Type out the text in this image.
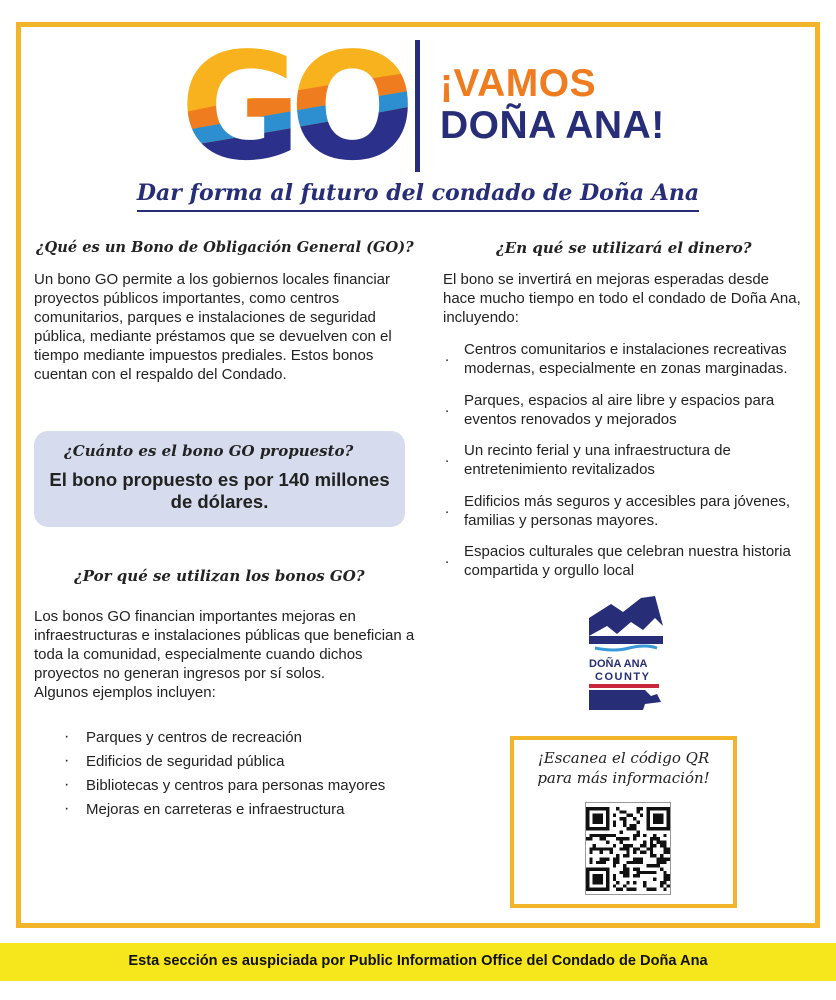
¡VAMOS
DOÑA ANA!
Dar forma al futuro del condado de Doña Ana
¿Qué es un Bono de Obligación General (GO)?
Un bono GO permite a los gobiernos locales financiar proyectos públicos importantes, como centros comunitarios, parques e instalaciones de seguridad pública, mediante préstamos que se devuelven con el tiempo mediante impuestos prediales. Estos bonos cuentan con el respaldo del Condado.
¿Cuánto es el bono GO propuesto?
El bono propuesto es por 140 millones de dólares.
¿Por qué se utilizan los bonos GO?
Los bonos GO financian importantes mejoras en infraestructuras e instalaciones públicas que benefician a toda la comunidad, especialmente cuando dichos proyectos no generan ingresos por sí solos.
Algunos ejemplos incluyen:
· Parques y centros de recreación
· Edificios de seguridad pública
· Bibliotecas y centros para personas mayores
· Mejoras en carreteras e infraestructura
¿En qué se utilizará el dinero?
El bono se invertirá en mejoras esperadas desde hace mucho tiempo en todo el condado de Doña Ana, incluyendo:
. Centros comunitarios e instalaciones recreativas modernas, especialmente en zonas marginadas.
. Parques, espacios al aire libre y espacios para eventos renovados y mejorados
. Un recinto ferial y una infraestructura de entretenimiento revitalizados
. Edificios más seguros y accesibles para jóvenes, familias y personas mayores.
. Espacios culturales que celebran nuestra historia compartida y orgullo local
DOÑA ANA
COUNTY
¡Escanea el código QR
para más información!
Esta sección es auspiciada por Public Information Office del Condado de Doña Ana
